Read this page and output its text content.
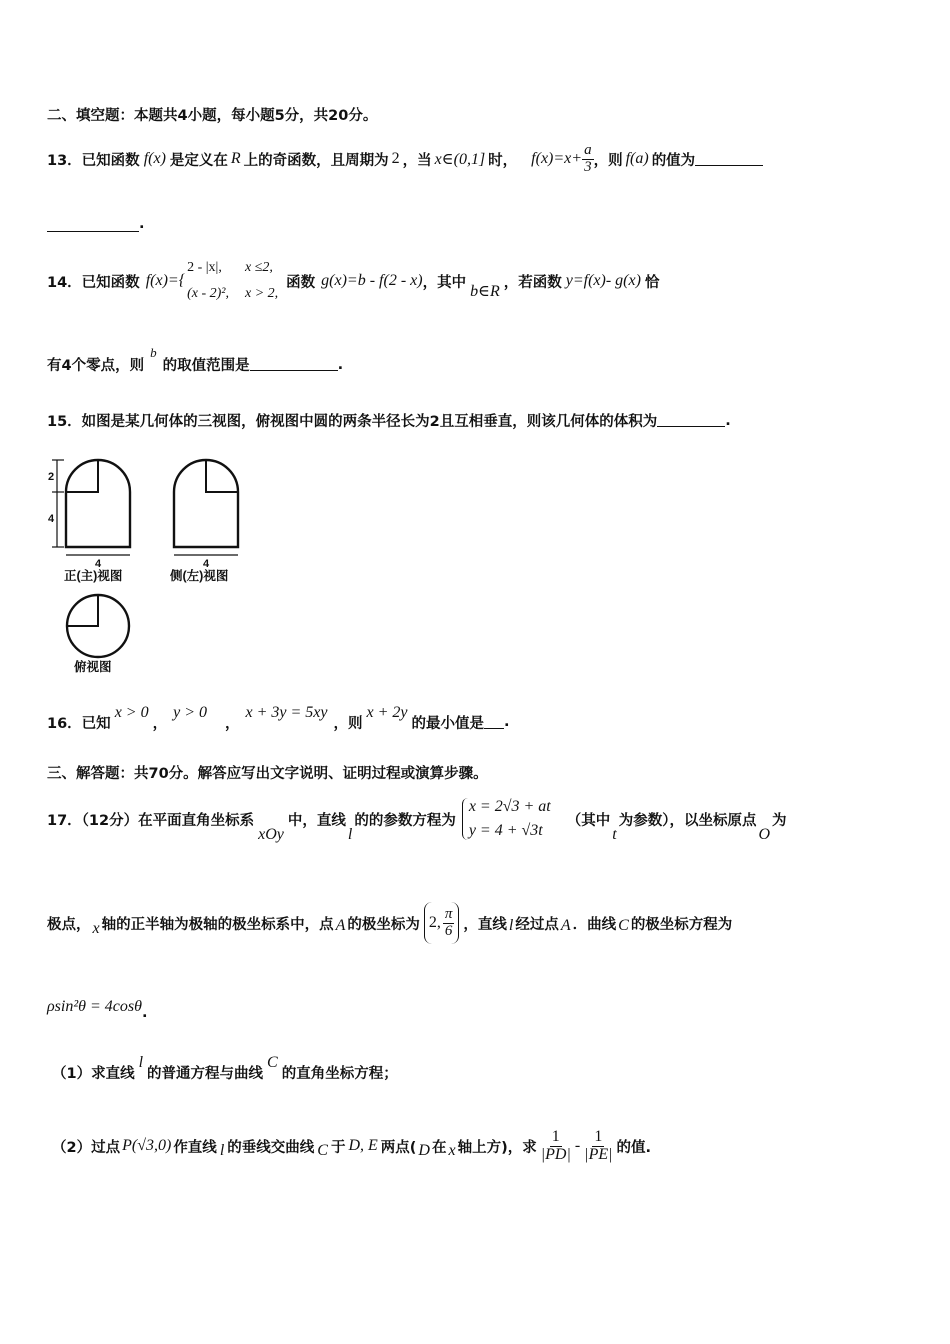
二、填空题：本题共4小题，每小题5分，共20分。
13．已知函数 f(x) 是定义在 R 上的奇函数，且周期为 2 ，当 x∈(0,1] 时， $f(x)=x+ \frac{a}{3}$ ，则 f(a) 的值为
.
14．已知函数 f(x)={
2 - |x|,	x ≤2,
(x - 2)², x > 2,
函数 g(x)=b - f(2 - x) ，其中
b∈R
，若函数 y=f(x)- g(x) 恰
有4个零点，则
b
的取值范围是	.
15．如图是某几何体的三视图，俯视图中圆的两条半径长为2且互相垂直，则该几何体的体积为	.
2
4
4
正(主)视图
4
侧(左)视图
俯视图
16．已知
x > 0
，
y > 0
，
x + 3y = 5xy
，则
x + 2y
的最小值是 .
三、解答题：共70分。解答应写出文字说明、证明过程或演算步骤。
17．（12分）在平面直角坐标系
xOy
中，直线
l
的的参数方程为
x = 2√3 + at
y = 4 + √3t
（其中
t
为参数），以坐标原点
O
为
极点， x 轴的正半轴为极轴的极坐标系中，点 A 的极坐标为 2, $\frac{\pi}{6}$ ，直线 l 经过点 A ．曲线 C 的极坐标方程为
ρsin²θ = 4cosθ .
（1）求直线
l
的普通方程与曲线
C
的直角坐标方程；
（2）过点 P(√3,0) 作直线 l 的垂线交曲线 C 于 D, E 两点( D 在 x 轴上方)，求 $\frac{1}{|PD|} - \frac{1}{|PE|}$ 的值.
